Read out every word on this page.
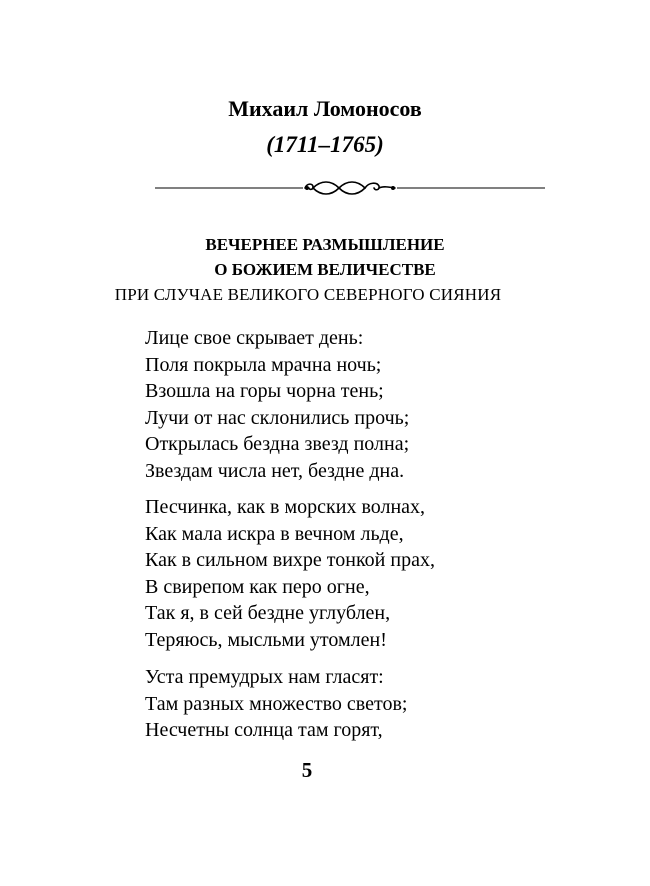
Михаил Ломоносов
(1711–1765)
ВЕЧЕРНЕЕ РАЗМЫШЛЕНИЕ
О БОЖИЕМ ВЕЛИЧЕСТВЕ
ПРИ СЛУЧАЕ ВЕЛИКОГО СЕВЕРНОГО СИЯНИЯ
Лице свое скрывает день:
Поля покрыла мрачна ночь;
Взошла на горы чорна тень;
Лучи от нас склонились прочь;
Открылась бездна звезд полна;
Звездам числа нет, бездне дна.
Песчинка, как в морских волнах,
Как мала искра в вечном льде,
Как в сильном вихре тонкой прах,
В свирепом как перо огне,
Так я, в сей бездне углублен,
Теряюсь, мысльми утомлен!
Уста премудрых нам гласят:
Там разных множество светов;
Несчетны солнца там горят,
5
